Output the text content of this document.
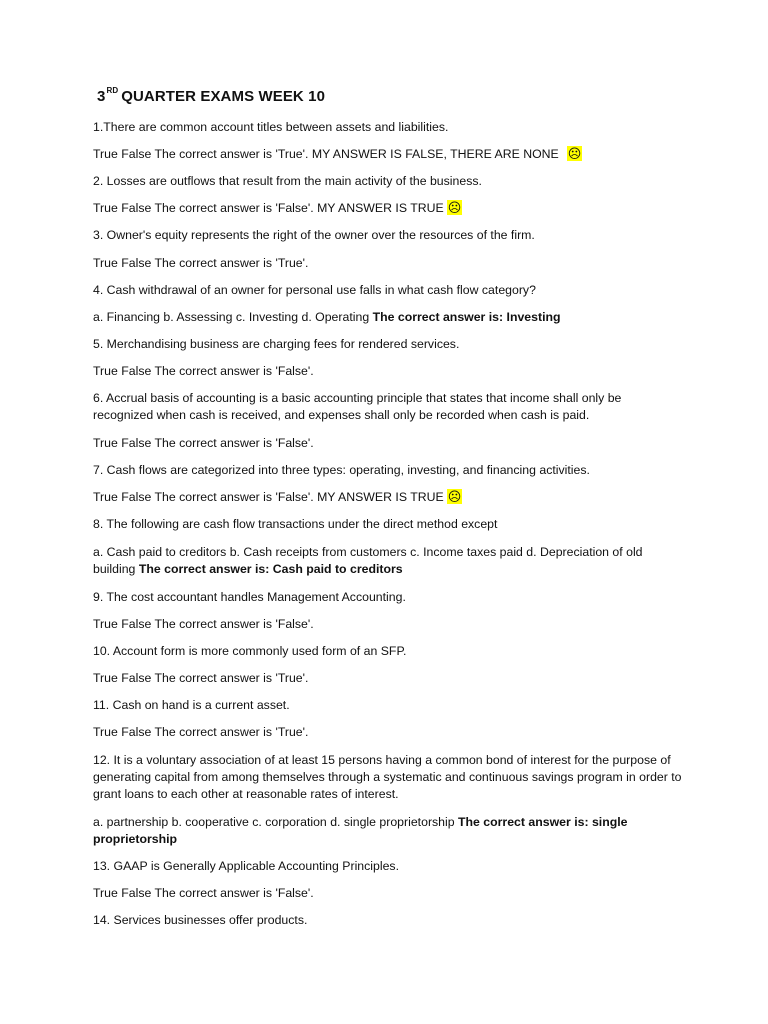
3RD QUARTER EXAMS WEEK 10
1.There are common account titles between assets and liabilities.
True False The correct answer is 'True'. MY ANSWER IS FALSE, THERE ARE NONE ☹
2. Losses are outflows that result from the main activity of the business.
True False The correct answer is 'False'. MY ANSWER IS TRUE ☹
3. Owner's equity represents the right of the owner over the resources of the firm.
True False The correct answer is 'True'.
4. Cash withdrawal of an owner for personal use falls in what cash flow category?
a. Financing b. Assessing c. Investing d. Operating The correct answer is: Investing
5. Merchandising business are charging fees for rendered services.
True False The correct answer is 'False'.
6. Accrual basis of accounting is a basic accounting principle that states that income shall only be recognized when cash is received, and expenses shall only be recorded when cash is paid.
True False The correct answer is 'False'.
7. Cash flows are categorized into three types: operating, investing, and financing activities.
True False The correct answer is 'False'. MY ANSWER IS TRUE ☹
8. The following are cash flow transactions under the direct method except
a. Cash paid to creditors b. Cash receipts from customers c. Income taxes paid d. Depreciation of old building The correct answer is: Cash paid to creditors
9. The cost accountant handles Management Accounting.
True False The correct answer is 'False'.
10. Account form is more commonly used form of an SFP.
True False The correct answer is 'True'.
11. Cash on hand is a current asset.
True False The correct answer is 'True'.
12. It is a voluntary association of at least 15 persons having a common bond of interest for the purpose of generating capital from among themselves through a systematic and continuous savings program in order to grant loans to each other at reasonable rates of interest.
a. partnership b. cooperative c. corporation d. single proprietorship The correct answer is: single proprietorship
13. GAAP is Generally Applicable Accounting Principles.
True False The correct answer is 'False'.
14. Services businesses offer products.
